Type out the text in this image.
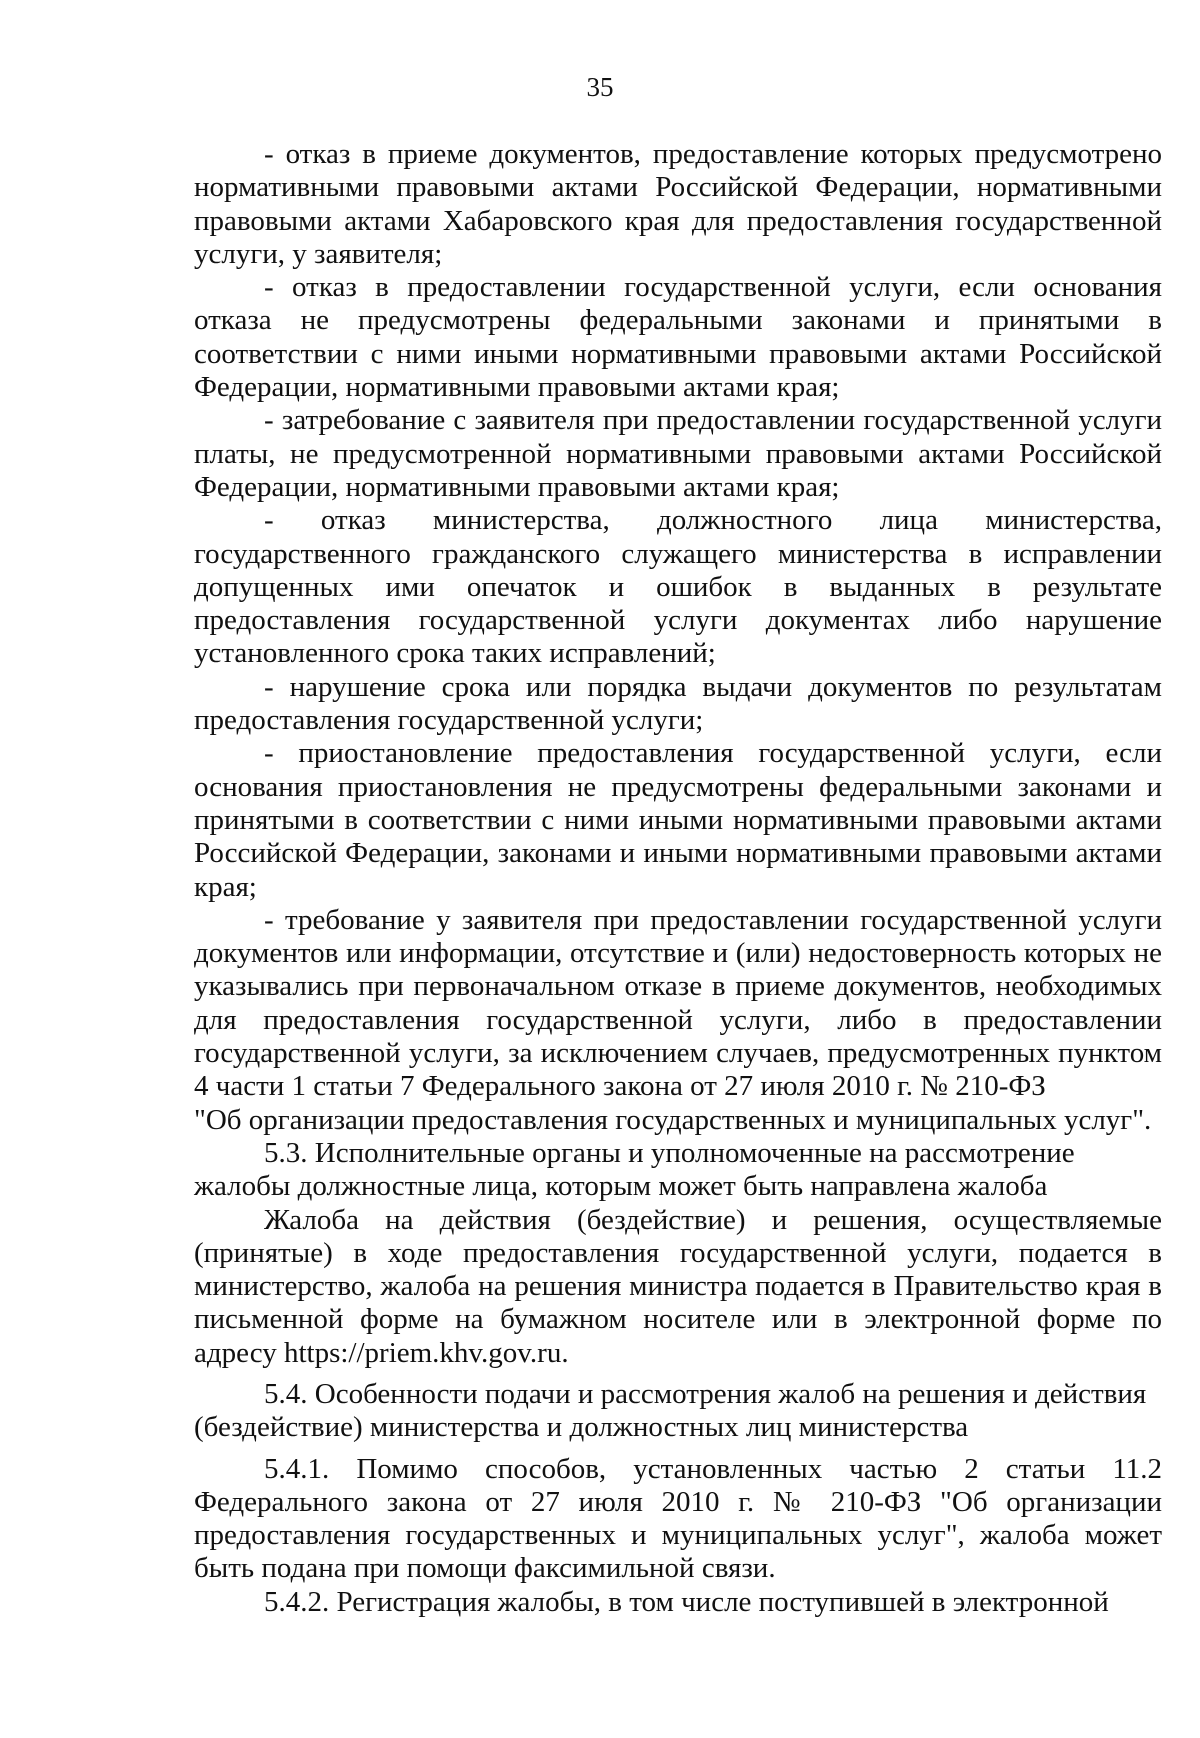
35

- отказ в приеме документов, предоставление которых предусмотрено нормативными правовыми актами Российской Федерации, нормативными правовыми актами Хабаровского края для предоставления государственной услуги, у заявителя;

- отказ в предоставлении государственной услуги, если основания отказа не предусмотрены федеральными законами и принятыми в соответствии с ними иными нормативными правовыми актами Российской Федерации, нормативными правовыми актами края;

- затребование с заявителя при предоставлении государственной услуги платы, не предусмотренной нормативными правовыми актами Российской Федерации, нормативными правовыми актами края;

- отказ министерства, должностного лица министерства, государственного гражданского служащего министерства в исправлении допущенных ими опечаток и ошибок в выданных в результате предоставления государственной услуги документах либо нарушение установленного срока таких исправлений;

- нарушение срока или порядка выдачи документов по результатам предоставления государственной услуги;

- приостановление предоставления государственной услуги, если основания приостановления не предусмотрены федеральными законами и принятыми в соответствии с ними иными нормативными правовыми актами Российской Федерации, законами и иными нормативными правовыми актами края;

- требование у заявителя при предоставлении государственной услуги документов или информации, отсутствие и (или) недостоверность которых не указывались при первоначальном отказе в приеме документов, необходимых для предоставления государственной услуги, либо в предоставлении государственной услуги, за исключением случаев, предусмотренных пунктом 4 части 1 статьи 7 Федерального закона от 27 июля 2010 г. № 210-ФЗ

"Об организации предоставления государственных и муниципальных услуг".

5.3. Исполнительные органы и уполномоченные на рассмотрение жалобы должностные лица, которым может быть направлена жалоба

Жалоба на действия (бездействие) и решения, осуществляемые (принятые) в ходе предоставления государственной услуги, подается в министерство, жалоба на решения министра подается в Правительство края в письменной форме на бумажном носителе или в электронной форме по адресу https://priem.khv.gov.ru.

5.4. Особенности подачи и рассмотрения жалоб на решения и действия (бездействие) министерства и должностных лиц министерства

5.4.1. Помимо способов, установленных частью 2 статьи 11.2 Федерального закона от 27 июля 2010 г. № 210-ФЗ "Об организации предоставления государственных и муниципальных услуг", жалоба может быть подана при помощи факсимильной связи.

5.4.2. Регистрация жалобы, в том числе поступившей в электронной
